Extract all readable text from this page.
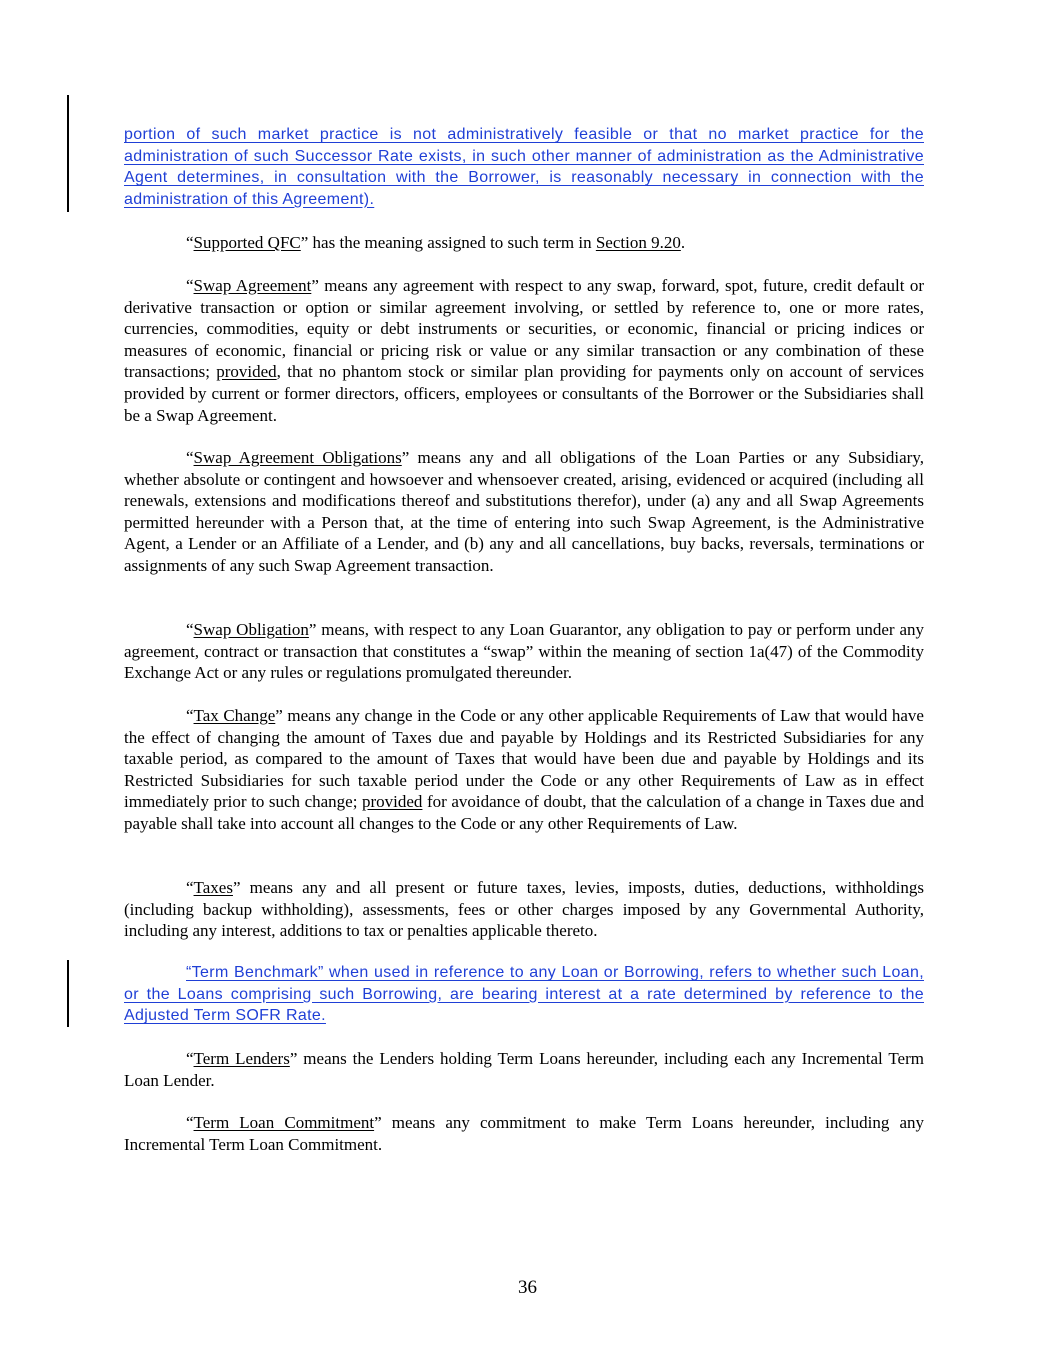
portion of such market practice is not administratively feasible or that no market practice for the administration of such Successor Rate exists, in such other manner of administration as the Administrative Agent determines, in consultation with the Borrower, is reasonably necessary in connection with the administration of this Agreement).
“Supported QFC” has the meaning assigned to such term in Section 9.20.
“Swap Agreement” means any agreement with respect to any swap, forward, spot, future, credit default or derivative transaction or option or similar agreement involving, or settled by reference to, one or more rates, currencies, commodities, equity or debt instruments or securities, or economic, financial or pricing indices or measures of economic, financial or pricing risk or value or any similar transaction or any combination of these transactions; provided, that no phantom stock or similar plan providing for payments only on account of services provided by current or former directors, officers, employees or consultants of the Borrower or the Subsidiaries shall be a Swap Agreement.
“Swap Agreement Obligations” means any and all obligations of the Loan Parties or any Subsidiary, whether absolute or contingent and howsoever and whensoever created, arising, evidenced or acquired (including all renewals, extensions and modifications thereof and substitutions therefor), under (a) any and all Swap Agreements permitted hereunder with a Person that, at the time of entering into such Swap Agreement, is the Administrative Agent, a Lender or an Affiliate of a Lender, and (b) any and all cancellations, buy backs, reversals, terminations or assignments of any such Swap Agreement transaction.
“Swap Obligation” means, with respect to any Loan Guarantor, any obligation to pay or perform under any agreement, contract or transaction that constitutes a “swap” within the meaning of section 1a(47) of the Commodity Exchange Act or any rules or regulations promulgated thereunder.
“Tax Change” means any change in the Code or any other applicable Requirements of Law that would have the effect of changing the amount of Taxes due and payable by Holdings and its Restricted Subsidiaries for any taxable period, as compared to the amount of Taxes that would have been due and payable by Holdings and its Restricted Subsidiaries for such taxable period under the Code or any other Requirements of Law as in effect immediately prior to such change; provided for avoidance of doubt, that the calculation of a change in Taxes due and payable shall take into account all changes to the Code or any other Requirements of Law.
“Taxes” means any and all present or future taxes, levies, imposts, duties, deductions, withholdings (including backup withholding), assessments, fees or other charges imposed by any Governmental Authority, including any interest, additions to tax or penalties applicable thereto.
“Term Benchmark” when used in reference to any Loan or Borrowing, refers to whether such Loan, or the Loans comprising such Borrowing, are bearing interest at a rate determined by reference to the Adjusted Term SOFR Rate.
“Term Lenders” means the Lenders holding Term Loans hereunder, including each any Incremental Term Loan Lender.
“Term Loan Commitment” means any commitment to make Term Loans hereunder, including any Incremental Term Loan Commitment.
36
